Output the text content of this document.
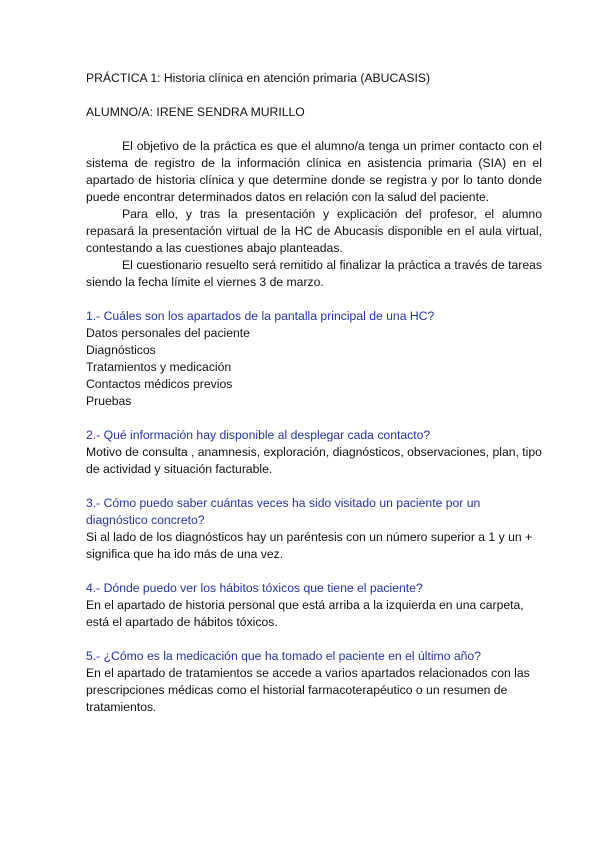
PRÁCTICA 1: Historia clínica en atención primaria (ABUCASIS)

ALUMNO/A: IRENE SENDRA MURILLO

El objetivo de la práctica es que el alumno/a tenga un primer contacto con el sistema de registro de la información clínica en asistencia primaria (SIA) en el apartado de historia clínica y que determine donde se registra y por lo tanto donde puede encontrar determinados datos en relación con la salud del paciente.

Para ello, y tras la presentación y explicación del profesor, el alumno repasará la presentación virtual de la HC de Abucasis disponible en el aula virtual, contestando a las cuestiones abajo planteadas.

El cuestionario resuelto será remitido al finalizar la práctica a través de tareas siendo la fecha límite el viernes 3 de marzo.

1.- Cuáles son los apartados de la pantalla principal de una HC?

Datos personales del paciente
Diagnósticos
Tratamientos y medicación
Contactos médicos previos
Pruebas

2.- Qué información hay disponible al desplegar cada contacto?

Motivo de consulta , anamnesis, exploración, diagnósticos, observaciones, plan, tipo de actividad y situación facturable.

3.- Cómo puedo saber cuántas veces ha sido visitado un paciente por un diagnóstico concreto?

Si al lado de los diagnósticos hay un paréntesis con un número superior a 1 y un + significa que ha ido más de una vez.

4.- Dónde puedo ver los hábitos tóxicos que tiene el paciente?

En el apartado de historia personal que está arriba a la izquierda en una carpeta, está el apartado de hábitos tóxicos.

5.- ¿Cómo es la medicación que ha tomado el paciente en el último año?

En el apartado de tratamientos se accede a varios apartados relacionados con las prescripciones médicas como el historial farmacoterapéutico o un resumen de tratamientos.
